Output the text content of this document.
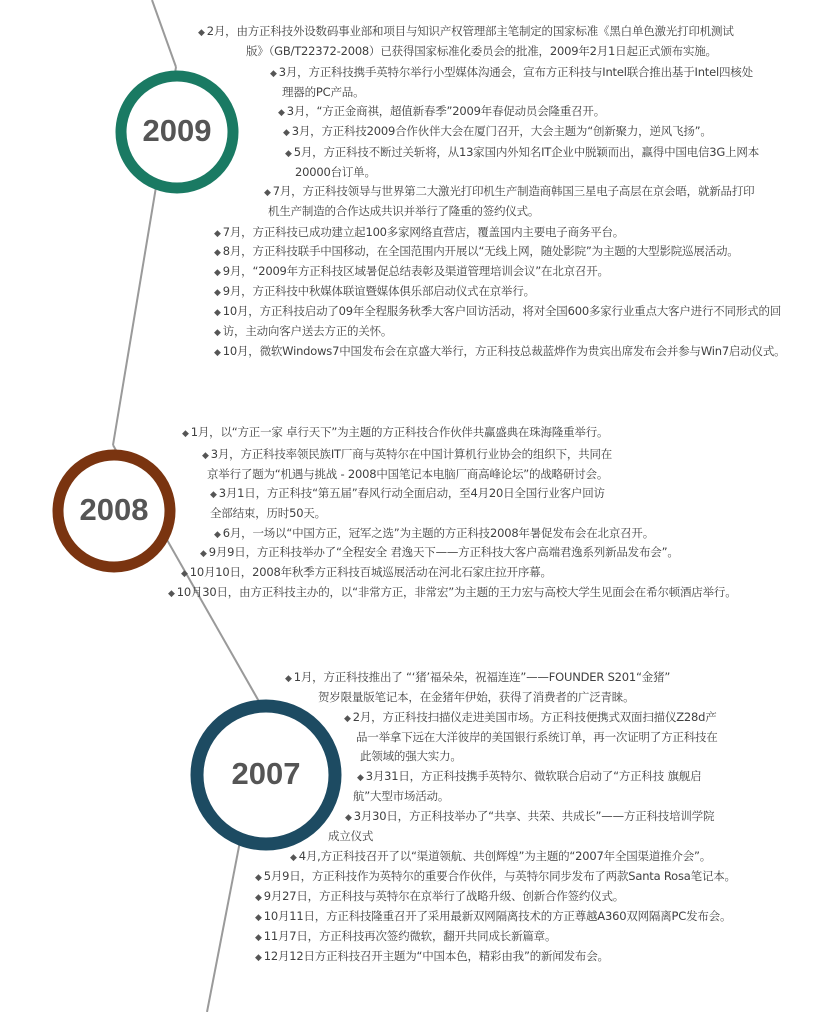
2009
2008
2007
◆ 2月，由方正科技外设数码事业部和项目与知识产权管理部主笔制定的国家标准《黑白单色激光打印机测试
版》（GB/T22372-2008）已获得国家标准化委员会的批准，2009年2月1日起正式颁布实施。
◆ 3月，方正科技携手英特尔举行小型媒体沟通会，宣布方正科技与Intel联合推出基于Intel四核处
理器的PC产品。
◆ 3月，“方正金商祺，超值新春季”2009年春促动员会隆重召开。
◆ 3月，方正科技2009合作伙伴大会在厦门召开，大会主题为“创新聚力，逆风飞扬”。
◆ 5月，方正科技不断过关斩将，从13家国内外知名IT企业中脱颖而出，赢得中国电信3G上网本
20000台订单。
◆ 7月，方正科技领导与世界第二大激光打印机生产制造商韩国三星电子高层在京会晤，就新品打印
机生产制造的合作达成共识并举行了隆重的签约仪式。
◆ 7月，方正科技已成功建立起100多家网络直营店，覆盖国内主要电子商务平台。
◆ 8月，方正科技联手中国移动，在全国范围内开展以“无线上网，随处影院”为主题的大型影院巡展活动。
◆ 9月，“2009年方正科技区域暑促总结表彰及渠道管理培训会议”在北京召开。
◆ 9月，方正科技中秋媒体联谊暨媒体俱乐部启动仪式在京举行。
◆ 10月，方正科技启动了09年全程服务秋季大客户回访活动，将对全国600多家行业重点大客户进行不同形式的回
◆ 访，主动向客户送去方正的关怀。
◆ 10月，微软Windows7中国发布会在京盛大举行，方正科技总裁蓝烨作为贵宾出席发布会并参与Win7启动仪式。
◆ 1月，以“方正一家 卓行天下”为主题的方正科技合作伙伴共赢盛典在珠海隆重举行。
◆ 3月，方正科技率领民族IT厂商与英特尔在中国计算机行业协会的组织下，共同在
京举行了题为“机遇与挑战 - 2008中国笔记本电脑厂商高峰论坛”的战略研讨会。
◆ 3月1日，方正科技“第五届”春风行动全面启动，至4月20日全国行业客户回访
全部结束，历时50天。
◆ 6月，一场以“中国方正，冠军之选”为主题的方正科技2008年暑促发布会在北京召开。
◆ 9月9日，方正科技举办了“全程安全 君逸天下——方正科技大客户高端君逸系列新品发布会”。
◆ 10月10日，2008年秋季方正科技百城巡展活动在河北石家庄拉开序幕。
◆ 10月30日，由方正科技主办的，以“非常方正，非常宏”为主题的王力宏与高校大学生见面会在希尔顿酒店举行。
◆ 1月，方正科技推出了 “‘猪’福朵朵，祝福连连”——FOUNDER S201“金猪”
贺岁限量版笔记本，在金猪年伊始，获得了消费者的广泛青睐。
◆ 2月，方正科技扫描仪走进美国市场。方正科技便携式双面扫描仪Z28d产
品一举拿下远在大洋彼岸的美国银行系统订单，再一次证明了方正科技在
此领域的强大实力。
◆ 3月31日，方正科技携手英特尔、微软联合启动了“方正科技 旗舰启
航”大型市场活动。
◆ 3月30日，方正科技举办了“共享、共荣、共成长”——方正科技培训学院
成立仪式
◆ 4月,方正科技召开了以“渠道领航、共创辉煌”为主题的“2007年全国渠道推介会”。
◆ 5月9日，方正科技作为英特尔的重要合作伙伴，与英特尔同步发布了两款Santa Rosa笔记本。
◆ 9月27日，方正科技与英特尔在京举行了战略升级、创新合作签约仪式。
◆ 10月11日，方正科技隆重召开了采用最新双网隔离技术的方正尊越A360双网隔离PC发布会。
◆ 11月7日，方正科技再次签约微软，翻开共同成长新篇章。
◆ 12月12日方正科技召开主题为“中国本色，精彩由我”的新闻发布会。
